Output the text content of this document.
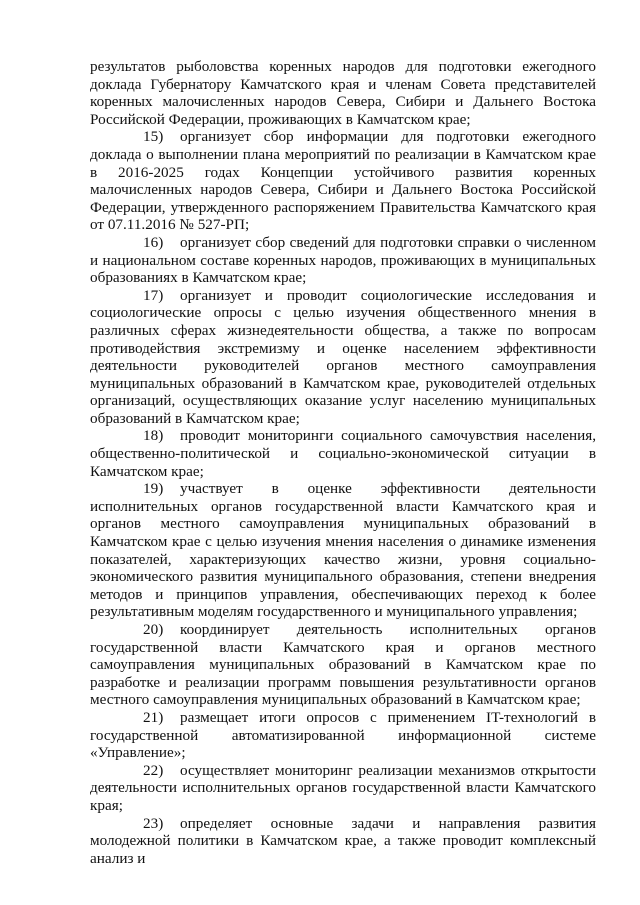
результатов рыболовства коренных народов для подготовки ежегодного доклада Губернатору Камчатского края и членам Совета представителей коренных малочисленных народов Севера, Сибири и Дальнего Востока Российской Федерации, проживающих в Камчатском крае;

15) организует сбор информации для подготовки ежегодного доклада о выполнении плана мероприятий по реализации в Камчатском крае в 2016-2025 годах Концепции устойчивого развития коренных малочисленных народов Севера, Сибири и Дальнего Востока Российской Федерации, утвержденного распоряжением Правительства Камчатского края от 07.11.2016 № 527-РП;

16) организует сбор сведений для подготовки справки о численном и национальном составе коренных народов, проживающих в муниципальных образованиях в Камчатском крае;

17) организует и проводит социологические исследования и социологические опросы с целью изучения общественного мнения в различных сферах жизнедеятельности общества, а также по вопросам противодействия экстремизму и оценке населением эффективности деятельности руководителей органов местного самоуправления муниципальных образований в Камчатском крае, руководителей отдельных организаций, осуществляющих оказание услуг населению муниципальных образований в Камчатском крае;

18) проводит мониторинги социального самочувствия населения, общественно-политической и социально-экономической ситуации в Камчатском крае;

19) участвует в оценке эффективности деятельности исполнительных органов государственной власти Камчатского края и органов местного самоуправления муниципальных образований в Камчатском крае с целью изучения мнения населения о динамике изменения показателей, характеризующих качество жизни, уровня социально-экономического развития муниципального образования, степени внедрения методов и принципов управления, обеспечивающих переход к более результативным моделям государственного и муниципального управления;

20) координирует деятельность исполнительных органов государственной власти Камчатского края и органов местного самоуправления муниципальных образований в Камчатском крае по разработке и реализации программ повышения результативности органов местного самоуправления муниципальных образований в Камчатском крае;

21) размещает итоги опросов с применением IT-технологий в государственной автоматизированной информационной системе «Управление»;

22) осуществляет мониторинг реализации механизмов открытости деятельности исполнительных органов государственной власти Камчатского края;

23) определяет основные задачи и направления развития молодежной политики в Камчатском крае, а также проводит комплексный анализ и
